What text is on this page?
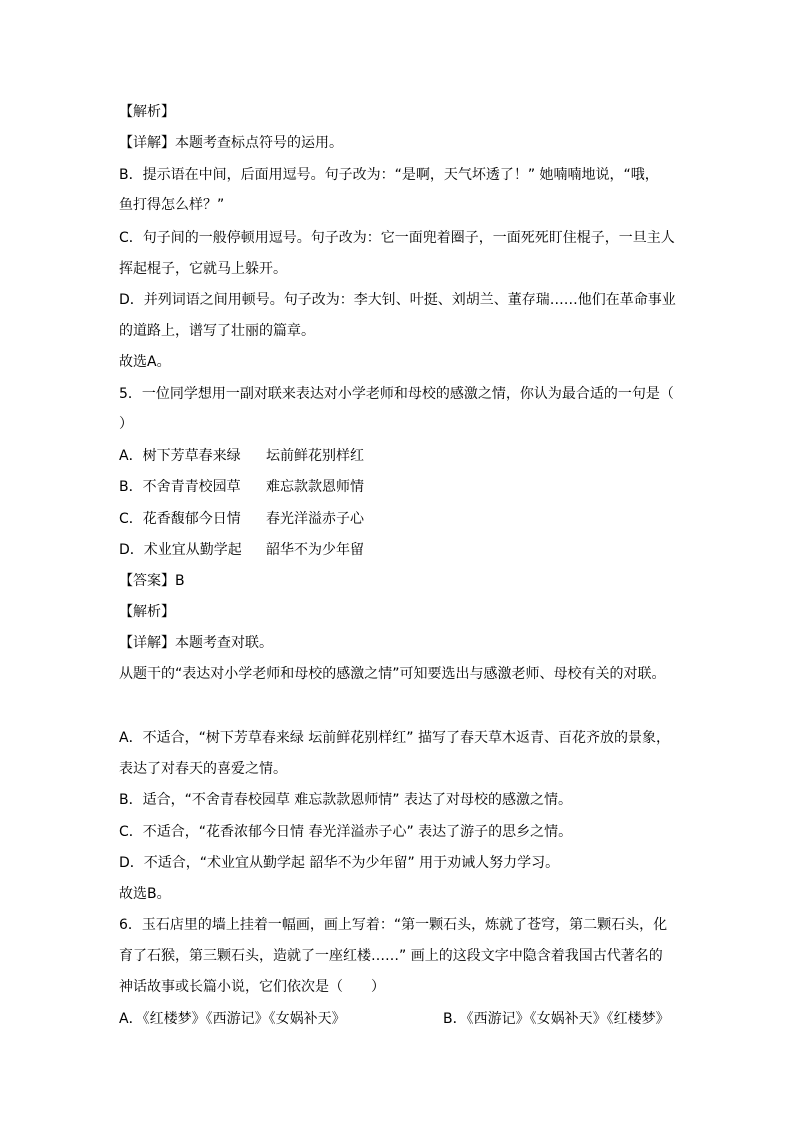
【解析】
【详解】本题考查标点符号的运用。
B．提示语在中间，后面用逗号。句子改为：“是啊，天气坏透了！” 她喃喃地说，“哦，
鱼打得怎么样？”
C．句子间的一般停顿用逗号。句子改为：它一面兜着圈子，一面死死盯住棍子，一旦主人
挥起棍子，它就马上躲开。
D．并列词语之间用顿号。句子改为：李大钊、叶挺、刘胡兰、董存瑞……他们在革命事业
的道路上，谱写了壮丽的篇章。
故选A。
5．一位同学想用一副对联来表达对小学老师和母校的感激之情，你认为最合适的一句是（
）
A．树下芳草春来绿 坛前鲜花别样红
B．不舍青青校园草 难忘款款恩师情
C．花香馥郁今日情 春光洋溢赤子心
D．术业宜从勤学起 韶华不为少年留
【答案】B
【解析】
【详解】本题考查对联。
从题干的“表达对小学老师和母校的感激之情”可知要选出与感激老师、母校有关的对联。
A．不适合，“树下芳草春来绿 坛前鲜花别样红” 描写了春天草木返青、百花齐放的景象，
表达了对春天的喜爱之情。
B．适合，“不舍青春校园草 难忘款款恩师情” 表达了对母校的感激之情。
C．不适合，“花香浓郁今日情 春光洋溢赤子心” 表达了游子的思乡之情。
D．不适合，“术业宜从勤学起 韶华不为少年留” 用于劝诫人努力学习。
故选B。
6．玉石店里的墙上挂着一幅画，画上写着：“第一颗石头，炼就了苍穹，第二颗石头，化
育了石猴，第三颗石头，造就了一座红楼……” 画上的这段文字中隐含着我国古代著名的
神话故事或长篇小说，它们依次是（　　）
A．《红楼梦》《西游记》《女娲补天》	B．《西游记》《女娲补天》《红楼梦》
